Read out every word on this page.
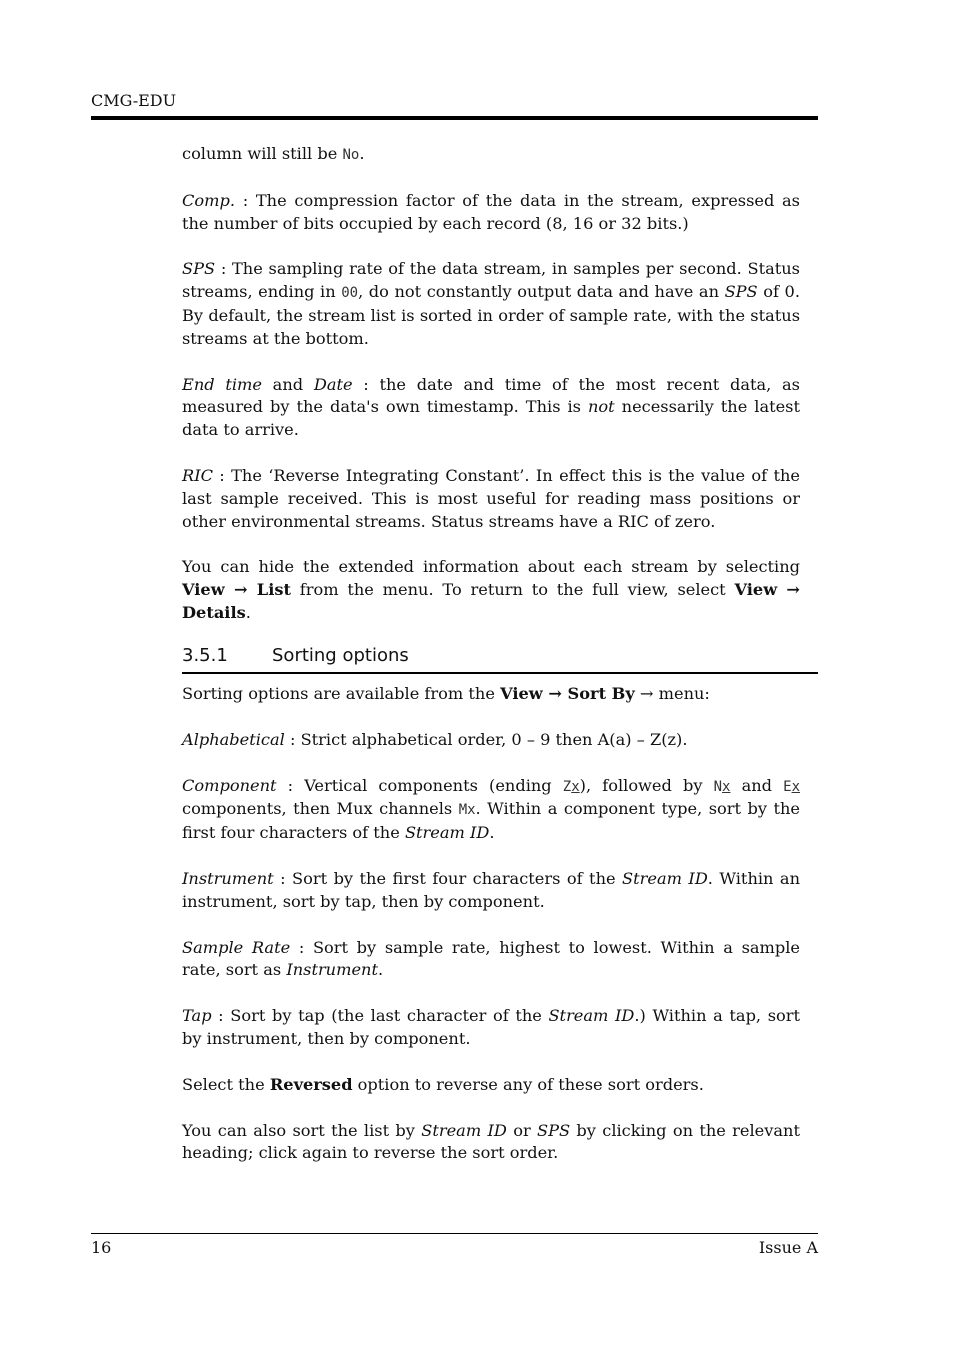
CMG-EDU

column will still be No.

Comp. : The compression factor of the data in the stream, expressed as the number of bits occupied by each record (8, 16 or 32 bits.)

SPS : The sampling rate of the data stream, in samples per second. Status streams, ending in 00, do not constantly output data and have an SPS of 0. By default, the stream list is sorted in order of sample rate, with the status streams at the bottom.

End time and Date : the date and time of the most recent data, as measured by the data's own timestamp. This is not necessarily the latest data to arrive.

RIC : The ‘Reverse Integrating Constant’. In effect this is the value of the last sample received. This is most useful for reading mass positions or other environmental streams. Status streams have a RIC of zero.

You can hide the extended information about each stream by selecting View → List from the menu. To return to the full view, select View → Details.

3.5.1 Sorting options

Sorting options are available from the View → Sort By → menu:

Alphabetical : Strict alphabetical order, 0 – 9 then A(a) – Z(z).

Component : Vertical components (ending Zx), followed by Nx and Ex components, then Mux channels Mx. Within a component type, sort by the first four characters of the Stream ID.

Instrument : Sort by the first four characters of the Stream ID. Within an instrument, sort by tap, then by component.

Sample Rate : Sort by sample rate, highest to lowest. Within a sample rate, sort as Instrument.

Tap : Sort by tap (the last character of the Stream ID.) Within a tap, sort by instrument, then by component.

Select the Reversed option to reverse any of these sort orders.

You can also sort the list by Stream ID or SPS by clicking on the relevant heading; click again to reverse the sort order.

16	Issue A
